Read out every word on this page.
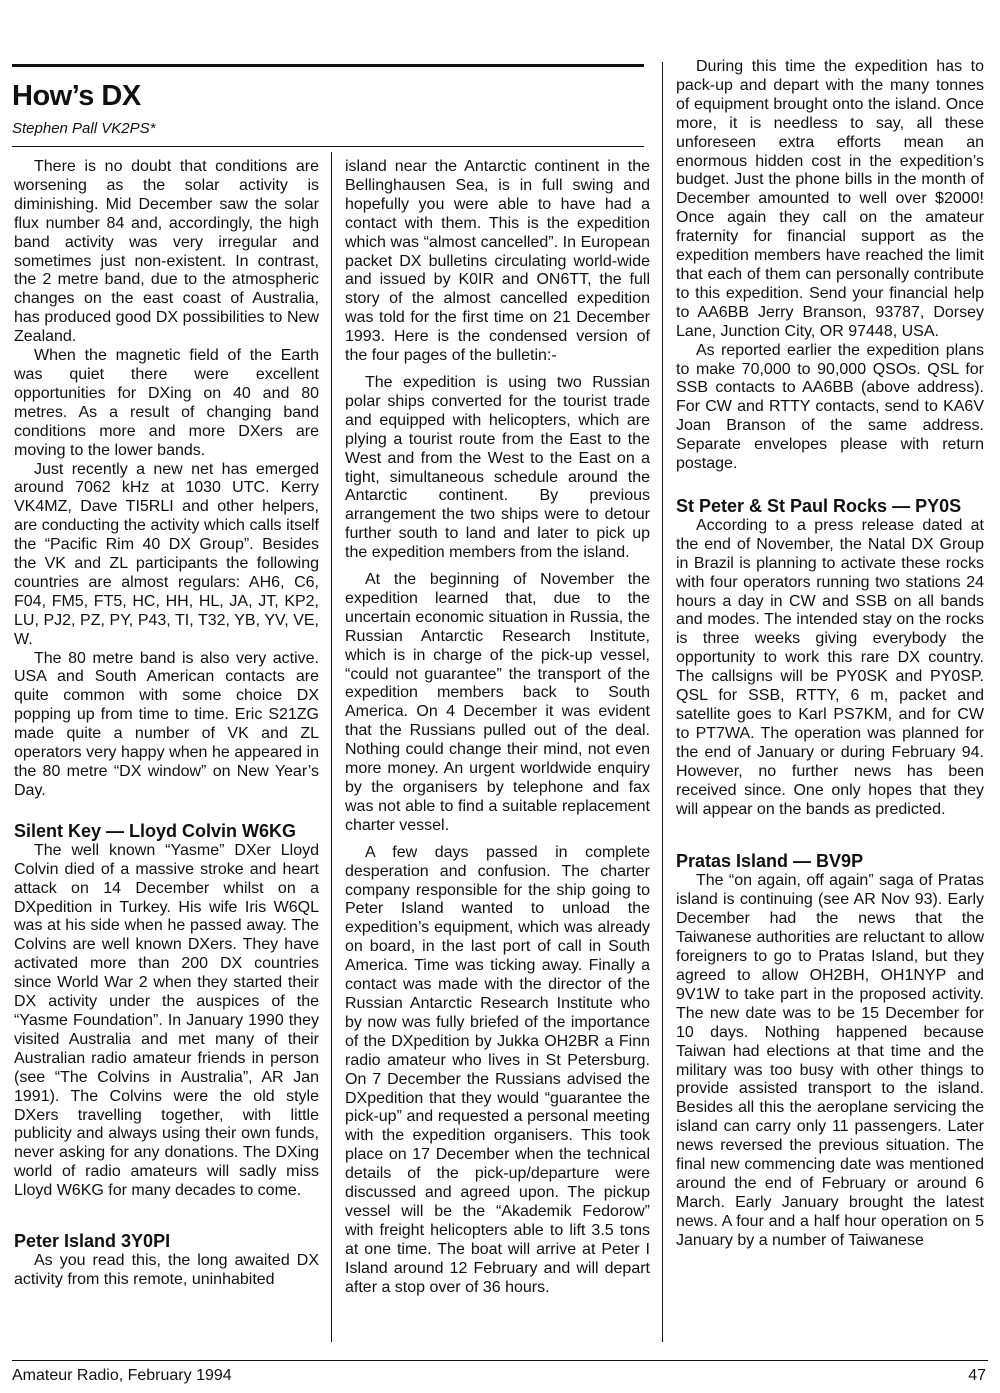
How’s DX
Stephen Pall VK2PS*

There is no doubt that conditions are worsening as the solar activity is diminishing. Mid December saw the solar flux number 84 and, accordingly, the high band activity was very irregular and sometimes just non-existent. In contrast, the 2 metre band, due to the atmospheric changes on the east coast of Australia, has produced good DX possibilities to New Zealand.

When the magnetic field of the Earth was quiet there were excellent opportunities for DXing on 40 and 80 metres. As a result of changing band conditions more and more DXers are moving to the lower bands.

Just recently a new net has emerged around 7062 kHz at 1030 UTC. Kerry VK4MZ, Dave TI5RLI and other helpers, are conducting the activity which calls itself the “Pacific Rim 40 DX Group”. Besides the VK and ZL participants the following countries are almost regulars: AH6, C6, F04, FM5, FT5, HC, HH, HL, JA, JT, KP2, LU, PJ2, PZ, PY, P43, TI, T32, YB, YV, VE, W.

The 80 metre band is also very active. USA and South American contacts are quite common with some choice DX popping up from time to time. Eric S21ZG made quite a number of VK and ZL operators very happy when he appeared in the 80 metre “DX window” on New Year’s Day.

Silent Key — Lloyd Colvin W6KG

The well known “Yasme” DXer Lloyd Colvin died of a massive stroke and heart attack on 14 December whilst on a DXpedition in Turkey. His wife Iris W6QL was at his side when he passed away. The Colvins are well known DXers. They have activated more than 200 DX countries since World War 2 when they started their DX activity under the auspices of the “Yasme Foundation”. In January 1990 they visited Australia and met many of their Australian radio amateur friends in person (see “The Colvins in Australia”, AR Jan 1991). The Colvins were the old style DXers travelling together, with little publicity and always using their own funds, never asking for any donations. The DXing world of radio amateurs will sadly miss Lloyd W6KG for many decades to come.

Peter Island 3Y0PI

As you read this, the long awaited DX activity from this remote, uninhabited

island near the Antarctic continent in the Bellinghausen Sea, is in full swing and hopefully you were able to have had a contact with them. This is the expedition which was “almost cancelled”. In European packet DX bulletins circulating world-wide and issued by K0IR and ON6TT, the full story of the almost cancelled expedition was told for the first time on 21 December 1993. Here is the condensed version of the four pages of the bulletin:-

The expedition is using two Russian polar ships converted for the tourist trade and equipped with helicopters, which are plying a tourist route from the East to the West and from the West to the East on a tight, simultaneous schedule around the Antarctic continent. By previous arrangement the two ships were to detour further south to land and later to pick up the expedition members from the island.

At the beginning of November the expedition learned that, due to the uncertain economic situation in Russia, the Russian Antarctic Research Institute, which is in charge of the pick-up vessel, “could not guarantee” the transport of the expedition members back to South America. On 4 December it was evident that the Russians pulled out of the deal. Nothing could change their mind, not even more money. An urgent worldwide enquiry by the organisers by telephone and fax was not able to find a suitable replacement charter vessel.

A few days passed in complete desperation and confusion. The charter company responsible for the ship going to Peter Island wanted to unload the expedition’s equipment, which was already on board, in the last port of call in South America. Time was ticking away. Finally a contact was made with the director of the Russian Antarctic Research Institute who by now was fully briefed of the importance of the DXpedition by Jukka OH2BR a Finn radio amateur who lives in St Petersburg. On 7 December the Russians advised the DXpedition that they would “guarantee the pick-up” and requested a personal meeting with the expedition organisers. This took place on 17 December when the technical details of the pick-up/departure were discussed and agreed upon. The pickup vessel will be the “Akademik Fedorow” with freight helicopters able to lift 3.5 tons at one time. The boat will arrive at Peter I Island around 12 February and will depart after a stop over of 36 hours.

During this time the expedition has to pack-up and depart with the many tonnes of equipment brought onto the island. Once more, it is needless to say, all these unforeseen extra efforts mean an enormous hidden cost in the expedition’s budget. Just the phone bills in the month of December amounted to well over $2000! Once again they call on the amateur fraternity for financial support as the expedition members have reached the limit that each of them can personally contribute to this expedition. Send your financial help to AA6BB Jerry Branson, 93787, Dorsey Lane, Junction City, OR 97448, USA.

As reported earlier the expedition plans to make 70,000 to 90,000 QSOs. QSL for SSB contacts to AA6BB (above address). For CW and RTTY contacts, send to KA6V Joan Branson of the same address. Separate envelopes please with return postage.

St Peter & St Paul Rocks — PY0S

According to a press release dated at the end of November, the Natal DX Group in Brazil is planning to activate these rocks with four operators running two stations 24 hours a day in CW and SSB on all bands and modes. The intended stay on the rocks is three weeks giving everybody the opportunity to work this rare DX country. The callsigns will be PY0SK and PY0SP. QSL for SSB, RTTY, 6 m, packet and satellite goes to Karl PS7KM, and for CW to PT7WA. The operation was planned for the end of January or during February 94. However, no further news has been received since. One only hopes that they will appear on the bands as predicted.

Pratas Island — BV9P

The “on again, off again” saga of Pratas island is continuing (see AR Nov 93). Early December had the news that the Taiwanese authorities are reluctant to allow foreigners to go to Pratas Island, but they agreed to allow OH2BH, OH1NYP and 9V1W to take part in the proposed activity. The new date was to be 15 December for 10 days. Nothing happened because Taiwan had elections at that time and the military was too busy with other things to provide assisted transport to the island. Besides all this the aeroplane servicing the island can carry only 11 passengers. Later news reversed the previous situation. The final new commencing date was mentioned around the end of February or around 6 March. Early January brought the latest news. A four and a half hour operation on 5 January by a number of Taiwanese

Amateur Radio, February 1994	47
